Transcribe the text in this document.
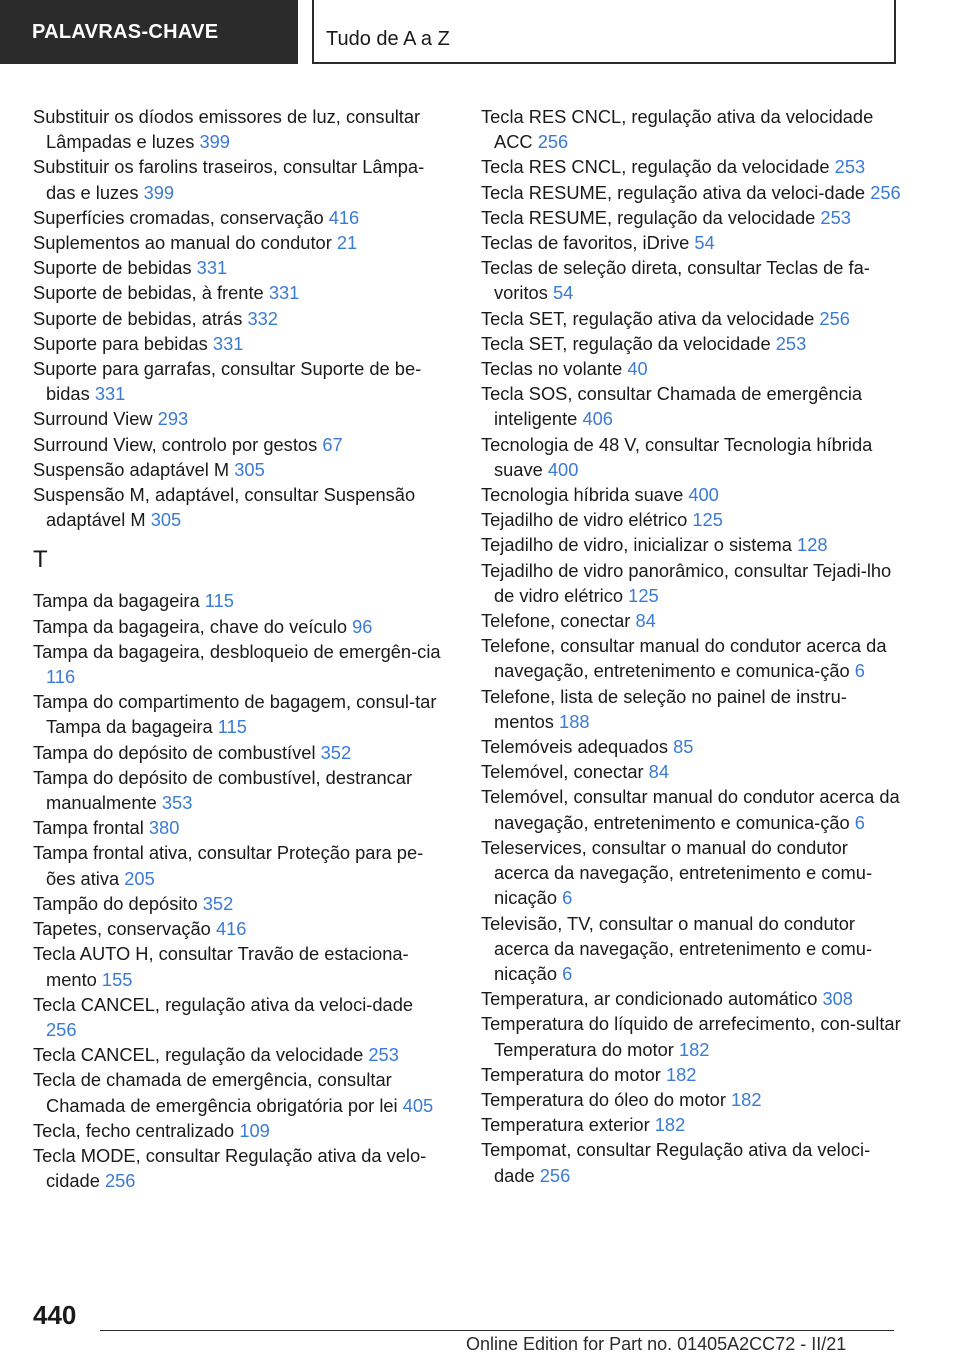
PALAVRAS-CHAVE	Tudo de A a Z
Substituir os díodos emissores de luz, consultar Lâmpadas e luzes 399
Substituir os farolins traseiros, consultar Lâmpa-das e luzes 399
Superfícies cromadas, conservação 416
Suplementos ao manual do condutor 21
Suporte de bebidas 331
Suporte de bebidas, à frente 331
Suporte de bebidas, atrás 332
Suporte para bebidas 331
Suporte para garrafas, consultar Suporte de be-bidas 331
Surround View 293
Surround View, controlo por gestos 67
Suspensão adaptável M 305
Suspensão M, adaptável, consultar Suspensão adaptável M 305
T
Tampa da bagageira 115
Tampa da bagageira, chave do veículo 96
Tampa da bagageira, desbloqueio de emergên-cia 116
Tampa do compartimento de bagagem, consul-tar Tampa da bagageira 115
Tampa do depósito de combustível 352
Tampa do depósito de combustível, destrancar manualmente 353
Tampa frontal 380
Tampa frontal ativa, consultar Proteção para pe-ões ativa 205
Tampão do depósito 352
Tapetes, conservação 416
Tecla AUTO H, consultar Travão de estaciona-mento 155
Tecla CANCEL, regulação ativa da veloci-dade 256
Tecla CANCEL, regulação da velocidade 253
Tecla de chamada de emergência, consultar Chamada de emergência obrigatória por lei 405
Tecla, fecho centralizado 109
Tecla MODE, consultar Regulação ativa da velo-cidade 256
Tecla RES CNCL, regulação ativa da velocidade ACC 256
Tecla RES CNCL, regulação da velocidade 253
Tecla RESUME, regulação ativa da veloci-dade 256
Tecla RESUME, regulação da velocidade 253
Teclas de favoritos, iDrive 54
Teclas de seleção direta, consultar Teclas de fa-voritos 54
Tecla SET, regulação ativa da velocidade 256
Tecla SET, regulação da velocidade 253
Teclas no volante 40
Tecla SOS, consultar Chamada de emergência inteligente 406
Tecnologia de 48 V, consultar Tecnologia híbrida suave 400
Tecnologia híbrida suave 400
Tejadilho de vidro elétrico 125
Tejadilho de vidro, inicializar o sistema 128
Tejadilho de vidro panorâmico, consultar Tejadi-lho de vidro elétrico 125
Telefone, conectar 84
Telefone, consultar manual do condutor acerca da navegação, entretenimento e comunica-ção 6
Telefone, lista de seleção no painel de instru-mentos 188
Telemóveis adequados 85
Telemóvel, conectar 84
Telemóvel, consultar manual do condutor acerca da navegação, entretenimento e comunica-ção 6
Teleservices, consultar o manual do condutor acerca da navegação, entretenimento e comu-nicação 6
Televisão, TV, consultar o manual do condutor acerca da navegação, entretenimento e comu-nicação 6
Temperatura, ar condicionado automático 308
Temperatura do líquido de arrefecimento, con-sultar Temperatura do motor 182
Temperatura do motor 182
Temperatura do óleo do motor 182
Temperatura exterior 182
Tempomat, consultar Regulação ativa da veloci-dade 256
440
Online Edition for Part no. 01405A2CC72 - II/21
